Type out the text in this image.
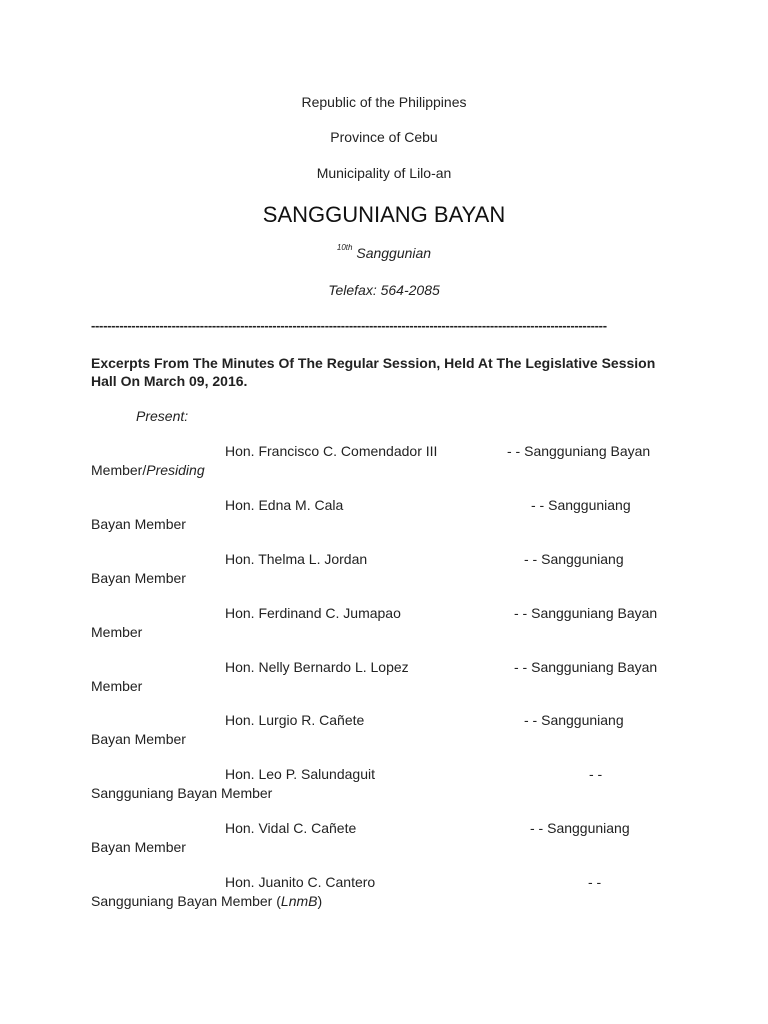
Republic of the Philippines
Province of Cebu
Municipality of Lilo-an
SANGGUNIANG BAYAN
$^{10th}$ Sanggunian
Telefax: 564-2085
--------------------------------------------------------------------------------------------------------------------------------
Excerpts From The Minutes Of The Regular Session, Held At The Legislative Session Hall On March 09, 2016.
Present:
Hon. Francisco C. Comendador III	- - Sangguniang Bayan
Member/Presiding
Hon. Edna M. Cala	- - Sangguniang
Bayan Member
Hon. Thelma L. Jordan	- - Sangguniang
Bayan Member
Hon. Ferdinand C. Jumapao	- - Sangguniang Bayan
Member
Hon. Nelly Bernardo L. Lopez	- - Sangguniang Bayan
Member
Hon. Lurgio R. Cañete	- - Sangguniang
Bayan Member
Hon. Leo P. Salundaguit	- -
Sangguniang Bayan Member
Hon. Vidal C. Cañete	- - Sangguniang
Bayan Member
Hon. Juanito C. Cantero	- -
Sangguniang Bayan Member (LnmB)
